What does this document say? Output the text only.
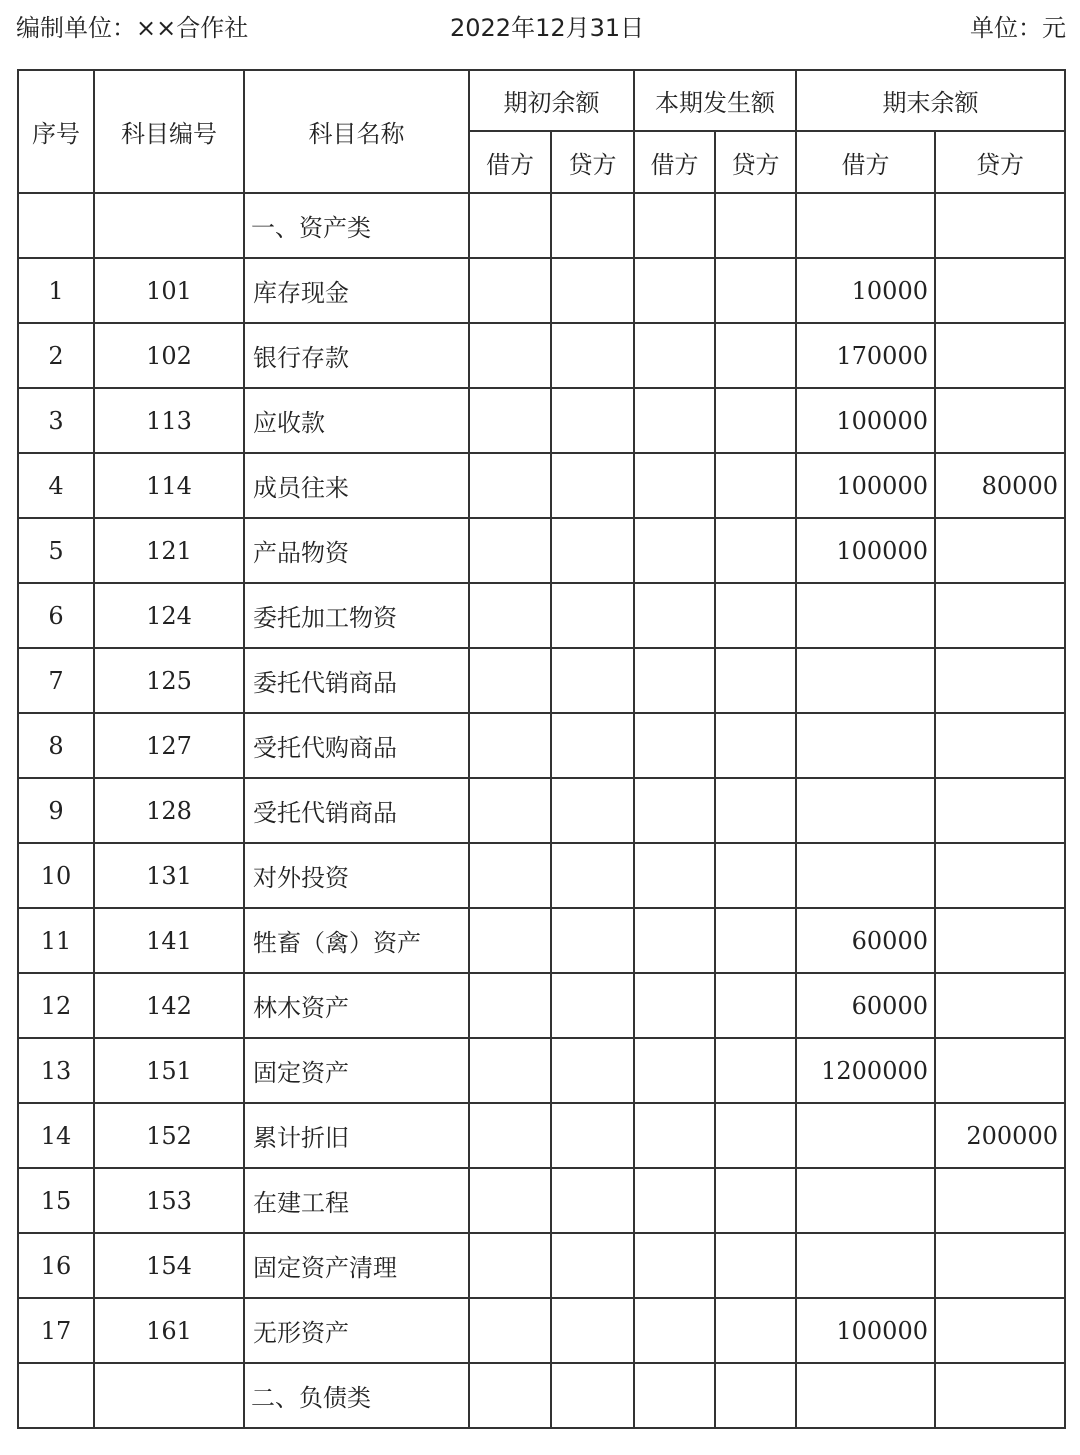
编制单位：××合作社	2022年12月31日	单位：元
序号	科目编号	科目名称	期初余额		本期发生额		期末余额	
			借方	贷方	借方	贷方	借方	贷方
		一、资产类						
1	101	库存现金					10000	
2	102	银行存款					170000	
3	113	应收款					100000	
4	114	成员往来					100000	80000
5	121	产品物资					100000	
6	124	委托加工物资						
7	125	委托代销商品						
8	127	受托代购商品						
9	128	受托代销商品						
10	131	对外投资						
11	141	牲畜（禽）资产					60000	
12	142	林木资产					60000	
13	151	固定资产					1200000	
14	152	累计折旧						200000
15	153	在建工程						
16	154	固定资产清理						
17	161	无形资产					100000	
		二、负债类						
